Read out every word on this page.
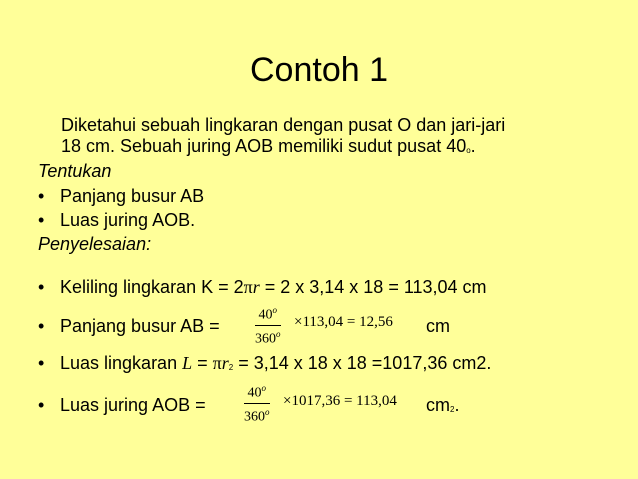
Contoh 1
Diketahui sebuah lingkaran dengan pusat O dan jari-jari
18 cm. Sebuah juring AOB memiliki sudut pusat 40$^o$.
Tentukan
• Panjang busur AB
• Luas juring AOB.
Penyelesaian:
• Keliling lingkaran K = 2πr = 2 x 3,14 x 18 = 113,04 cm
• Panjang busur AB =	$\frac{40^o}{360^o} \times 113,04 = 12,56$ cm
• Luas lingkaran $L = \pi r^2 = 3,14$ x 18 x 18 =1017,36 cm2.
• Luas juring AOB =	$\frac{40^o}{360^o} \times 1017,36 = 113,04$ $cm^2$.
